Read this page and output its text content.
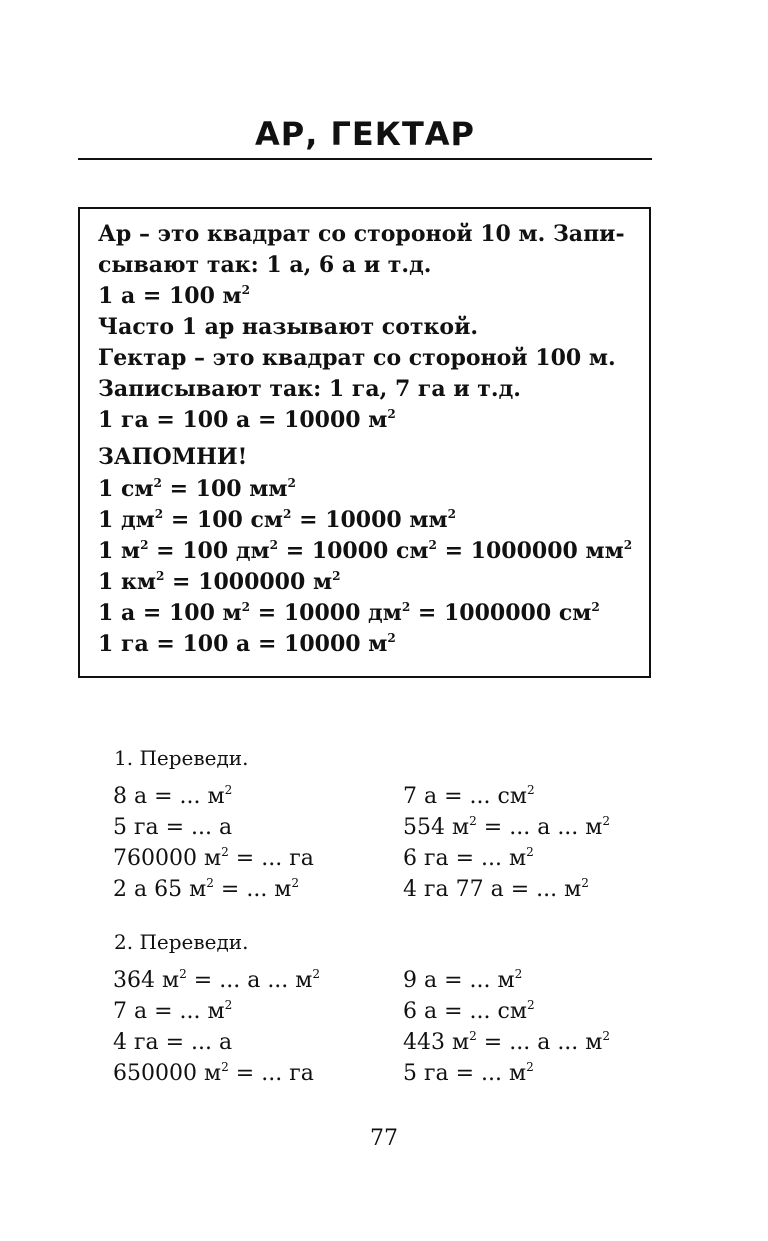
АР, ГЕКТАР
Ар – это квадрат со стороной 10 м. Запи-
сывают так: 1 а, 6 а и т.д.
1 а = 100 $м^2$
Часто 1 ар называют соткой.
Гектар – это квадрат со стороной 100 м.
Записывают так: 1 га, 7 га и т.д.
1 га = 100 а = 10000 $м^2$
ЗАПОМНИ!
1 $см^2 = 100$ $мм^2$
1 $дм^2 = 100$ $см^2 = 10000$ $мм^2$
1 $м^2 = 100$ $дм^2 = 10000$ $см^2 = 1000000$ $мм^2$
1 $км^2 = 1000000$ $м^2$
1 а = 100 $м^2 = 10000$ $дм^2 = 1000000$ $см^2$
1 га = 100 а = 10000 $м^2$
1. Переведи.
8 а = ... $м^2$
5 га = ... а
760000 $м^2$ = ... га
2 а 65 $м^2$ = ... $м^2$
7 а = ... $см^2$
554 $м^2$ = ... а ... $м^2$
6 га = ... $м^2$
4 га 77 а = ... $м^2$
2. Переведи.
364 $м^2$ = ... а ... $м^2$
7 а = ... $м^2$
4 га = ... а
650000 $м^2$ = ... га
9 а = ... $м^2$
6 а = ... $см^2$
443 $м^2$ = ... а ... $м^2$
5 га = ... $м^2$
77
